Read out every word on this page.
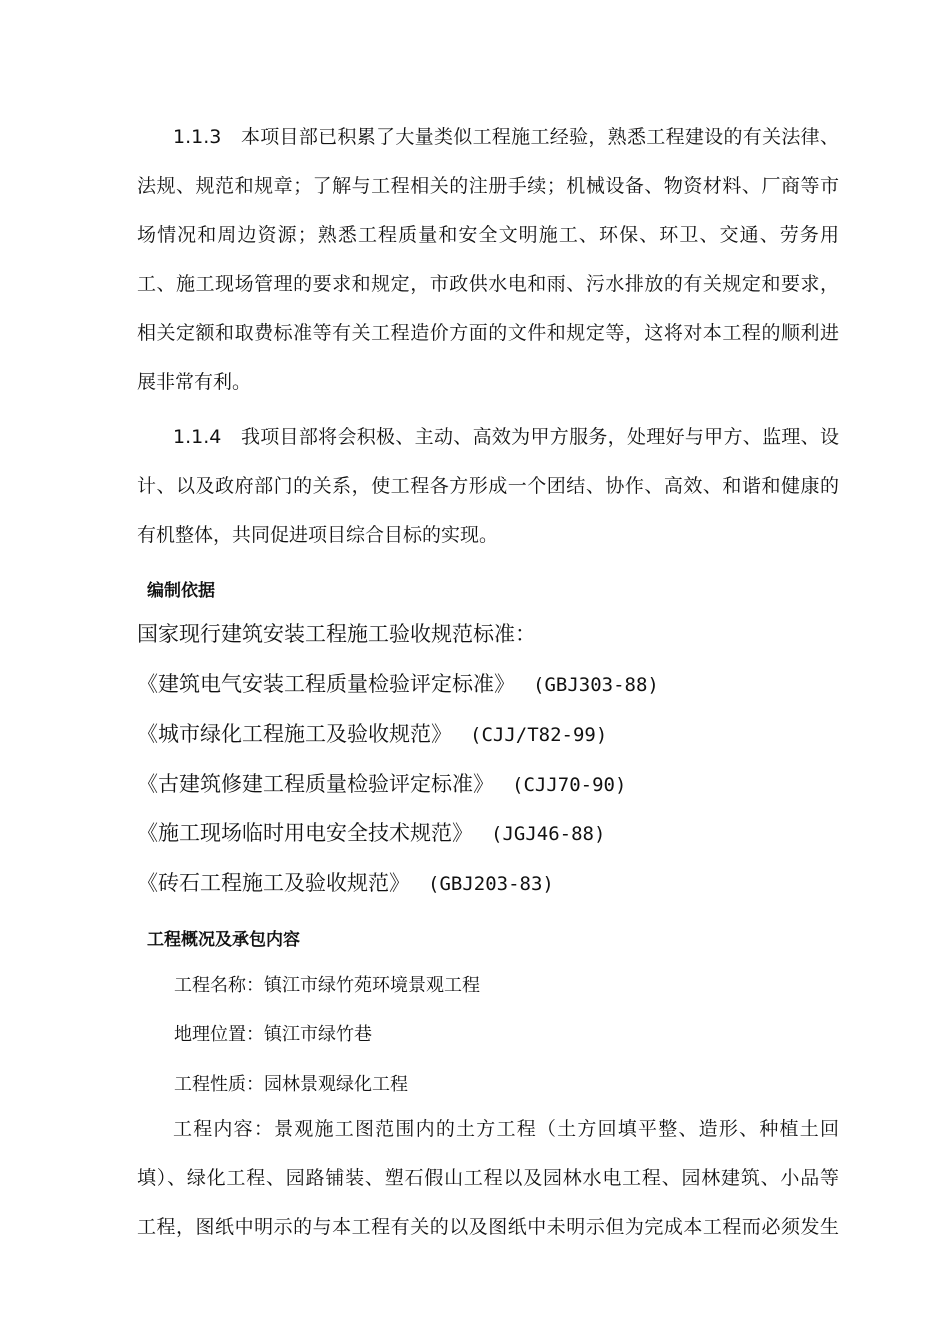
1.1.3　本项目部已积累了大量类似工程施工经验，熟悉工程建设的有关法律、
法规、规范和规章；了解与工程相关的注册手续；机械设备、物资材料、厂商等市
场情况和周边资源；熟悉工程质量和安全文明施工、环保、环卫、交通、劳务用
工、施工现场管理的要求和规定，市政供水电和雨、污水排放的有关规定和要求，
相关定额和取费标准等有关工程造价方面的文件和规定等，这将对本工程的顺利进
展非常有利。
1.1.4　我项目部将会积极、主动、高效为甲方服务，处理好与甲方、监理、设
计、以及政府部门的关系，使工程各方形成一个团结、协作、高效、和谐和健康的
有机整体，共同促进项目综合目标的实现。
编制依据
国家现行建筑安装工程施工验收规范标准：
《建筑电气安装工程质量检验评定标准》 (GBJ303-88)
《城市绿化工程施工及验收规范》 (CJJ/T82-99)
《古建筑修建工程质量检验评定标准》 (CJJ70-90)
《施工现场临时用电安全技术规范》 (JGJ46-88)
《砖石工程施工及验收规范》 (GBJ203-83)
工程概况及承包内容
工程名称：镇江市绿竹苑环境景观工程
地理位置：镇江市绿竹巷
工程性质：园林景观绿化工程
工程内容：景观施工图范围内的土方工程（土方回填平整、造形、种植土回
填）、绿化工程、园路铺装、塑石假山工程以及园林水电工程、园林建筑、小品等
工程，图纸中明示的与本工程有关的以及图纸中未明示但为完成本工程而必须发生
